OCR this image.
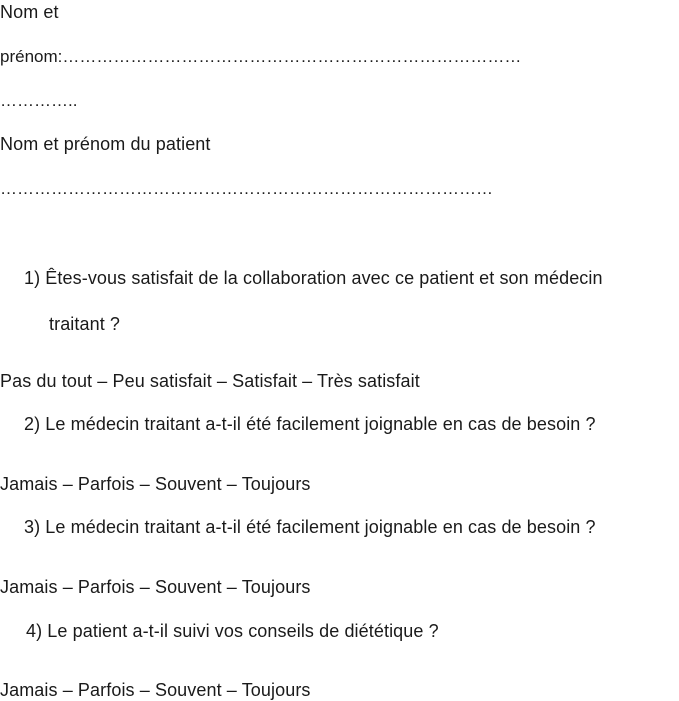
Nom et
prénom:………………………………………………………………………
…………..
Nom et prénom du patient
……………………………………………………………………………
1) Êtes-vous satisfait de la collaboration avec ce patient et son médecin
traitant ?
Pas du tout – Peu satisfait – Satisfait – Très satisfait
2) Le médecin traitant a-t-il été facilement joignable en cas de besoin ?
Jamais – Parfois – Souvent – Toujours
3) Le médecin traitant a-t-il été facilement joignable en cas de besoin ?
Jamais – Parfois – Souvent – Toujours
4) Le patient a-t-il suivi vos conseils de diététique ?
Jamais – Parfois – Souvent – Toujours
